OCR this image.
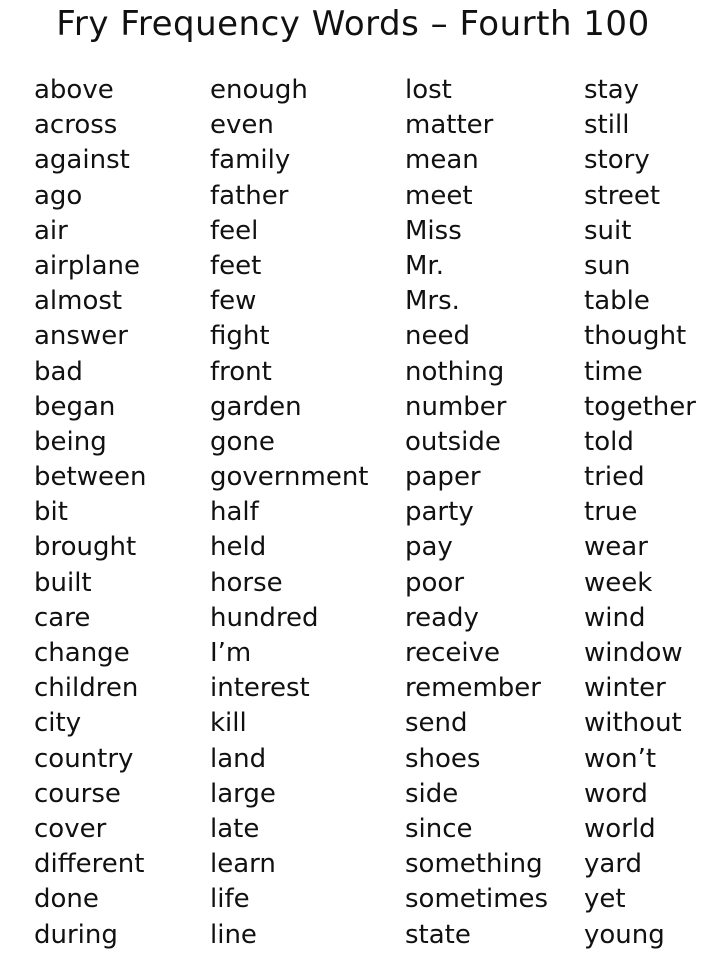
Fry Frequency Words – Fourth 100
above
across
against
ago
air
airplane
almost
answer
bad
began
being
between
bit
brought
built
care
change
children
city
country
course
cover
different
done
during
enough
even
family
father
feel
feet
few
fight
front
garden
gone
government
half
held
horse
hundred
I’m
interest
kill
land
large
late
learn
life
line
lost
matter
mean
meet
Miss
Mr.
Mrs.
need
nothing
number
outside
paper
party
pay
poor
ready
receive
remember
send
shoes
side
since
something
sometimes
state
stay
still
story
street
suit
sun
table
thought
time
together
told
tried
true
wear
week
wind
window
winter
without
won’t
word
world
yard
yet
young
